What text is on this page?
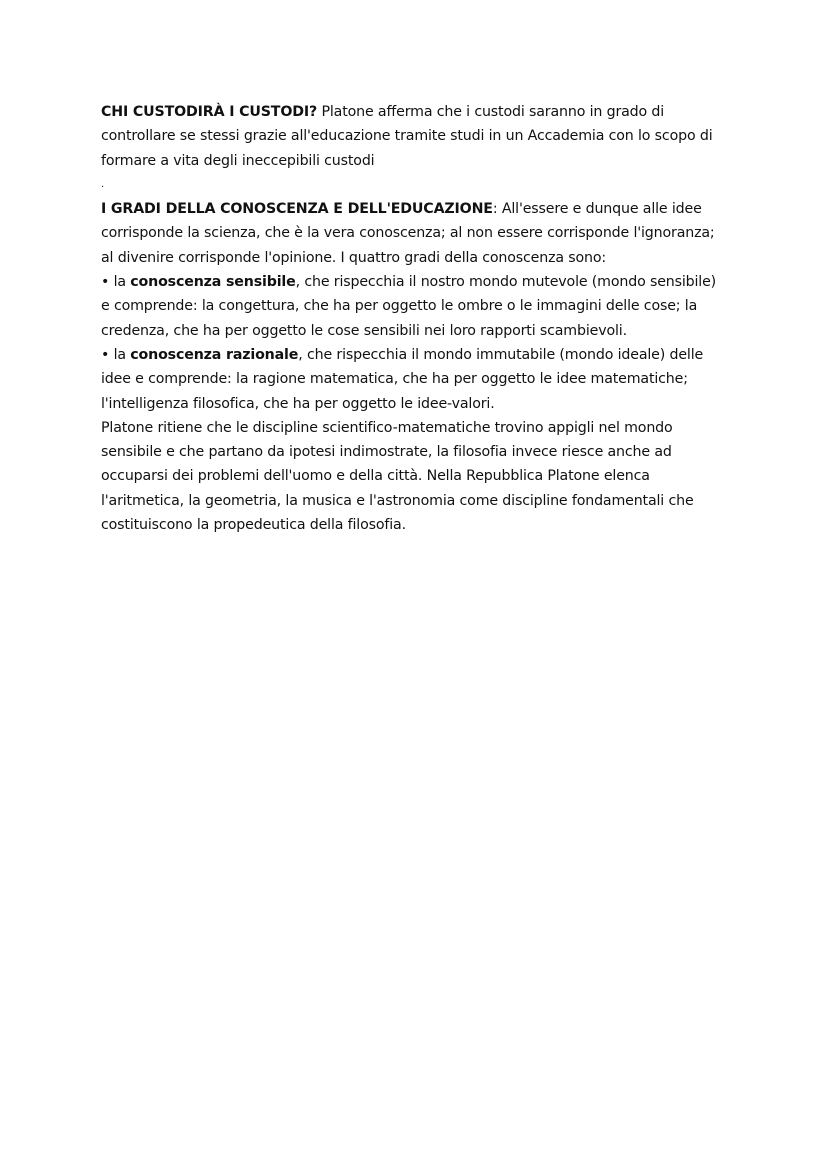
CHI CUSTODIRÀ I CUSTODI? Platone afferma che i custodi saranno in grado di
controllare se stessi grazie all'educazione tramite studi in un Accademia con lo scopo di
formare a vita degli ineccepibili custodi
.
I GRADI DELLA CONOSCENZA E DELL'EDUCAZIONE: All'essere e dunque alle idee
corrisponde la scienza, che è la vera conoscenza; al non essere corrisponde l'ignoranza;
al divenire corrisponde l'opinione. I quattro gradi della conoscenza sono:
• la conoscenza sensibile, che rispecchia il nostro mondo mutevole (mondo sensibile)
e comprende: la congettura, che ha per oggetto le ombre o le immagini delle cose; la
credenza, che ha per oggetto le cose sensibili nei loro rapporti scambievoli.
• la conoscenza razionale, che rispecchia il mondo immutabile (mondo ideale) delle
idee e comprende: la ragione matematica, che ha per oggetto le idee matematiche;
l'intelligenza filosofica, che ha per oggetto le idee-valori.
Platone ritiene che le discipline scientifico-matematiche trovino appigli nel mondo
sensibile e che partano da ipotesi indimostrate, la filosofia invece riesce anche ad
occuparsi dei problemi dell'uomo e della città. Nella Repubblica Platone elenca
l'aritmetica, la geometria, la musica e l'astronomia come discipline fondamentali che
costituiscono la propedeutica della filosofia.
